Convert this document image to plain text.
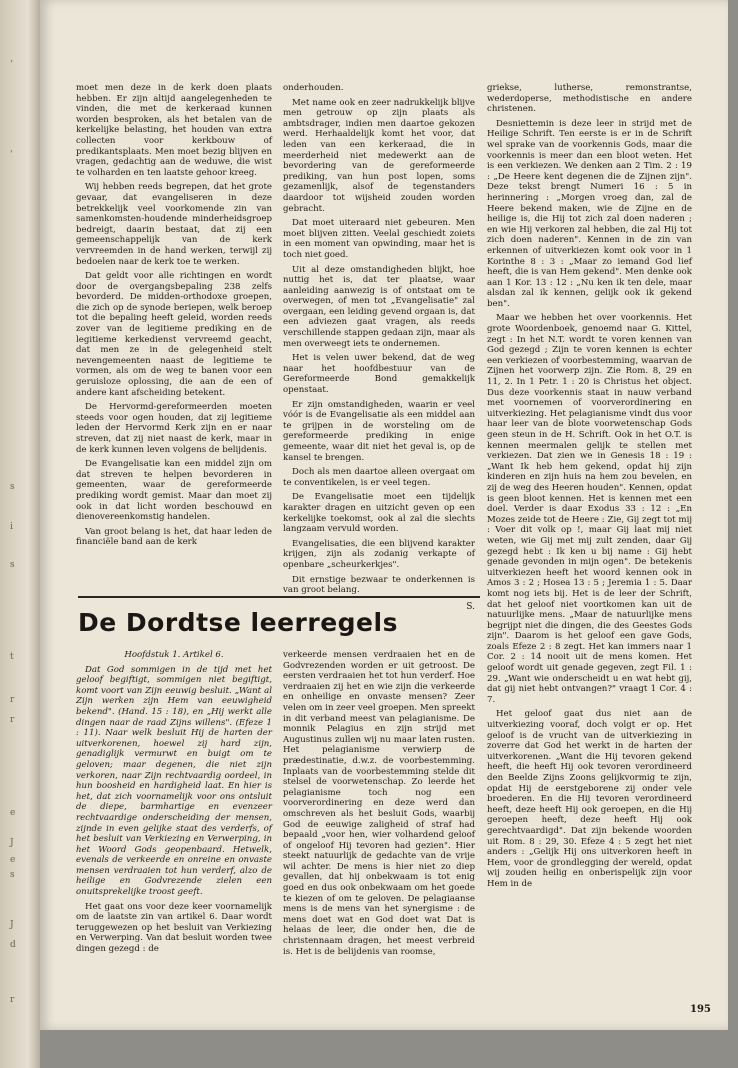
’
'
s
i
s
t
r
r
e
J
e
s
J
d
r

moet men deze in de kerk doen plaats hebben. Er zijn altijd aangelegenheden te vinden, die met de kerkeraad kunnen worden besproken, als het betalen van de kerkelijke belasting, het houden van extra collecten voor kerkbouw of predikantsplaats. Men moet bezig blijven en vragen, gedachtig aan de weduwe, die wist te volharden en ten laatste gehoor kreeg.

Wij hebben reeds begrepen, dat het grote gevaar, dat evangeliseren in deze betrekkelijk veel voorkomende zin van samenkomsten-houdende minderheidsgroep bedreigt, daarin bestaat, dat zij een gemeenschappelijk van de kerk vervreemden in de hand werken, terwijl zij bedoelen naar de kerk toe te werken.

Dat geldt voor alle richtingen en wordt door de overgangsbepaling 238 zelfs bevorderd. De midden-orthodoxe groepen, die zich op de synode beriepen, welk beroep tot die bepaling heeft geleid, worden reeds zover van de legitieme prediking en de legitieme kerkedienst vervreemd geacht, dat men ze in de gelegenheid stelt nevengemeenten naast de legitieme te vormen, als om de weg te banen voor een geruisloze oplossing, die aan de een of andere kant afscheiding betekent.

De Hervormd-gereformeerden moeten steeds voor ogen houden, dat zij legitieme leden der Hervormd Kerk zijn en er naar streven, dat zij niet naast de kerk, maar in de kerk kunnen leven volgens de belijdenis.

De Evangelisatie kan een middel zijn om dat streven te helpen bevorderen in gemeenten, waar de gereformeerde prediking wordt gemist. Maar dan moet zij ook in dat licht worden beschouwd en dienovereenkomstig handelen.

Van groot belang is het, dat haar leden de financiële band aan de kerk

onderhouden.

Met name ook en zeer nadrukkelijk blijve men getrouw op zijn plaats als ambtsdrager, indien men daartoe gekozen werd. Herhaaldelijk komt het voor, dat leden van een kerkeraad, die in meerderheid niet medewerkt aan de bevordering van de gereformeerde prediking, van hun post lopen, soms gezamenlijk, alsof de tegenstanders daardoor tot wijsheid zouden worden gebracht.

Dat moet uiteraard niet gebeuren. Men moet blijven zitten. Veelal geschiedt zoiets in een moment van opwinding, maar het is toch niet goed.

Uit al deze omstandigheden blijkt, hoe nuttig het is, dat ter plaatse, waar aanleiding aanwezig is of ontstaat om te overwegen, of men tot „Evangelisatie" zal overgaan, een leiding gevend orgaan is, dat een adviezen gaat vragen, als reeds verschillende stappen gedaan zijn, maar als men overweegt iets te ondernemen.

Het is velen uwer bekend, dat de weg naar het hoofdbestuur van de Gereformeerde Bond gemakkelijk openstaat.

Er zijn omstandigheden, waarin er veel vóór is de Evangelisatie als een middel aan te grijpen in de worsteling om de gereformeerde prediking in enige gemeente, waar dit niet het geval is, op de kansel te brengen.

Doch als men daartoe alleen overgaat om te conventikelen, is er veel tegen.

De Evangelisatie moet een tijdelijk karakter dragen en uitzicht geven op een kerkelijke toekomst, ook al zal die slechts langzaam vervuld worden.

Evangelisaties, die een blijvend karakter krijgen, zijn als zodanig verkapte of openbare „scheurkerkjes".

Dit ernstige bezwaar te onderkennen is van groot belang.

S.

griekse, lutherse, remonstrantse, wederdoperse, methodistische en andere christenen.

Desniettemin is deze leer in strijd met de Heilige Schrift. Ten eerste is er in de Schrift wel sprake van de voorkennis Gods, maar die voorkennis is meer dan een bloot weten. Het is een verkiezen. We denken aan 2 Tim. 2 : 19 : „De Heere kent degenen die de Zijnen zijn". Deze tekst brengt Numeri 16 : 5 in herinnering : „Morgen vroeg dan, zal de Heere bekend maken, wie de Zijne en de heilige is, die Hij tot zich zal doen naderen ; en wie Hij verkoren zal hebben, die zal Hij tot zich doen naderen". Kennen in de zin van erkennen of uitverkiezen komt ook voor in 1 Korinthe 8 : 3 : „Maar zo iemand God lief heeft, die is van Hem gekend". Men denke ook aan 1 Kor. 13 : 12 : „Nu ken ik ten dele, maar alsdan zal ik kennen, gelijk ook ik gekend ben".

Maar we hebben het over voorkennis. Het grote Woordenboek, genoemd naar G. Kittel, zegt : In het N.T. wordt te voren kennen van God gezegd ; Zijn te voren kennen is echter een verkiezen of voorbestemming, waarvan de Zijnen het voorwerp zijn. Zie Rom. 8, 29 en 11, 2. In 1 Petr. 1 : 20 is Christus het object. Dus deze voorkennis staat in nauw verband met voornemen of voorverordinering en uitverkiezing. Het pelagianisme vindt dus voor haar leer van de blote voorwetenschap Gods geen steun in de H. Schrift. Ook in het O.T. is kennen meermalen gelijk te stellen met verkiezen. Dat zien we in Genesis 18 : 19 : „Want Ik heb hem gekend, opdat hij zijn kinderen en zijn huis na hem zou bevelen, en zij de weg des Heeren houden". Kennen, opdat is geen bloot kennen. Het is kennen met een doel. Verder is daar Exodus 33 : 12 : „En Mozes zeide tot de Heere : Zie, Gij zegt tot mij : Voer dit volk op !, maar Gij laat mij niet weten, wie Gij met mij zult zenden, daar Gij gezegd hebt : Ik ken u bij name : Gij hebt genade gevonden in mijn ogen". De betekenis uitverkiezen heeft het woord kennen ook in Amos 3 : 2 ; Hosea 13 : 5 ; Jeremia 1 : 5. Daar komt nog iets bij. Het is de leer der Schrift, dat het geloof niet voortkomen kan uit de natuurlijke mens. „Maar de natuurlijke mens begrijpt niet die dingen, die des Geestes Gods zijn". Daarom is het geloof een gave Gods, zoals Efeze 2 : 8 zegt. Het kan immers naar 1 Cor. 2 : 14 nooit uit de mens komen. Het geloof wordt uit genade gegeven, zegt Fil. 1 : 29. „Want wie onderscheidt u en wat hebt gij, dat gij niet hebt ontvangen?" vraagt 1 Cor. 4 : 7.

Het geloof gaat dus niet aan de uitverkiezing vooraf, doch volgt er op. Het geloof is de vrucht van de uitverkiezing in zoverre dat God het werkt in de harten der uitverkorenen. „Want die Hij tevoren gekend heeft, die heeft Hij ook tevoren verordineerd den Beelde Zijns Zoons gelijkvormig te zijn, opdat Hij de eerstgeborene zij onder vele broederen. En die Hij tevoren verordineerd heeft, deze heeft Hij ook geroepen, en die Hij geroepen heeft, deze heeft Hij ook gerechtvaardigd". Dat zijn bekende woorden uit Rom. 8 : 29, 30. Efeze 4 : 5 zegt het niet anders : „Gelijk Hij ons uitverkoren heeft in Hem, voor de grondlegging der wereld, opdat wij zouden heilig en onberispelijk zijn voor Hem in de

De Dordtse leerregels

Hoofdstuk 1. Artikel 6.

Dat God sommigen in de tijd met het geloof begiftigt, sommigen niet begiftigt, komt voort van Zijn eeuwig besluit. „Want al Zijn werken zijn Hem van eeuwigheid bekend". (Hand. 15 : 18), en „Hij werkt alle dingen naar de raad Zijns willens". (Efeze 1 : 11). Naar welk besluit Hij de harten der uitverkorenen, hoewel zij hard zijn, genadiglijk vermurwt en buigt om te geloven; maar degenen, die niet zijn verkoren, naar Zijn rechtvaardig oordeel, in hun boosheid en hardigheid laat. En hier is het, dat zich voornamelijk voor ons ontsluit de diepe, barmhartige en evenzeer rechtvaardige onderscheiding der mensen, zijnde in even gelijke staat des verderfs, of het besluit van Verkiezing en Verwerping, in het Woord Gods geopenbaard. Hetwelk, evenals de verkeerde en onreine en onvaste mensen verdraaien tot hun verderf, alzo de heilige en Godvrezende zielen een onuitsprekelijke troost geeft.

Het gaat ons voor deze keer voornamelijk om de laatste zin van artikel 6. Daar wordt teruggewezen op het besluit van Verkiezing en Verwerping. Van dat besluit worden twee dingen gezegd : de

verkeerde mensen verdraaien het en de Godvrezenden worden er uit getroost. De eersten verdraaien het tot hun verderf. Hoe verdraaien zij het en wie zijn die verkeerde en onheilige en onvaste mensen? Zeer velen om in zeer veel groepen. Men spreekt in dit verband meest van pelagianisme. De monnik Pelagius en zijn strijd met Augustinus zullen wij nu maar laten rusten. Het pelagianisme verwierp de prædestinatie, d.w.z. de voorbestemming. Inplaats van de voorbestemming stelde dit stelsel de voorwetenschap. Zo leerde het pelagianisme toch nog een voorverordinering en deze werd dan omschreven als het besluit Gods, waarbij God de eeuwige zaligheid of straf had bepaald „voor hen, wier volhardend geloof of ongeloof Hij tevoren had gezien". Hier steekt natuurlijk de gedachte van de vrije wil achter. De mens is hier niet zo diep gevallen, dat hij onbekwaam is tot enig goed en dus ook onbekwaam om het goede te kiezen of om te geloven. De pelagiaanse mens is de mens van het synergisme : de mens doet wat en God doet wat Dat is helaas de leer, die onder hen, die de christennaam dragen, het meest verbreid is. Het is de belijdenis van roomse,

195
